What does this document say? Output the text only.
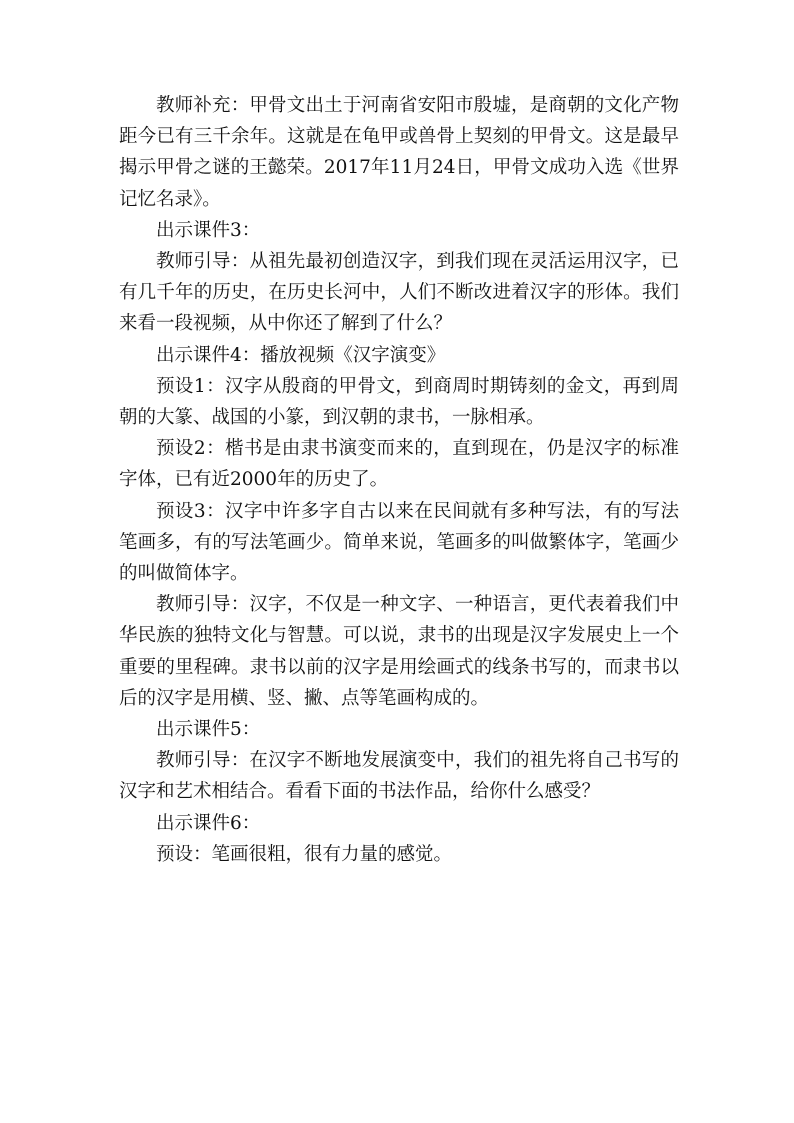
教师补充：甲骨文出土于河南省安阳市殷墟，是商朝的文化产物距今已有三千余年。这就是在龟甲或兽骨上契刻的甲骨文。这是最早揭示甲骨之谜的王懿荣。2017年11月24日，甲骨文成功入选《世界记忆名录》。

出示课件3：

教师引导：从祖先最初创造汉字，到我们现在灵活运用汉字，已有几千年的历史，在历史长河中，人们不断改进着汉字的形体。我们来看一段视频，从中你还了解到了什么？

出示课件4：播放视频《汉字演变》

预设1：汉字从殷商的甲骨文，到商周时期铸刻的金文，再到周朝的大篆、战国的小篆，到汉朝的隶书，一脉相承。

预设2：楷书是由隶书演变而来的，直到现在，仍是汉字的标准字体，已有近2000年的历史了。

预设3：汉字中许多字自古以来在民间就有多种写法，有的写法笔画多，有的写法笔画少。简单来说，笔画多的叫做繁体字，笔画少的叫做简体字。

教师引导：汉字，不仅是一种文字、一种语言，更代表着我们中华民族的独特文化与智慧。可以说，隶书的出现是汉字发展史上一个重要的里程碑。隶书以前的汉字是用绘画式的线条书写的，而隶书以后的汉字是用横、竖、撇、点等笔画构成的。

出示课件5：

教师引导：在汉字不断地发展演变中，我们的祖先将自己书写的汉字和艺术相结合。看看下面的书法作品，给你什么感受？

出示课件6：

预设：笔画很粗，很有力量的感觉。
